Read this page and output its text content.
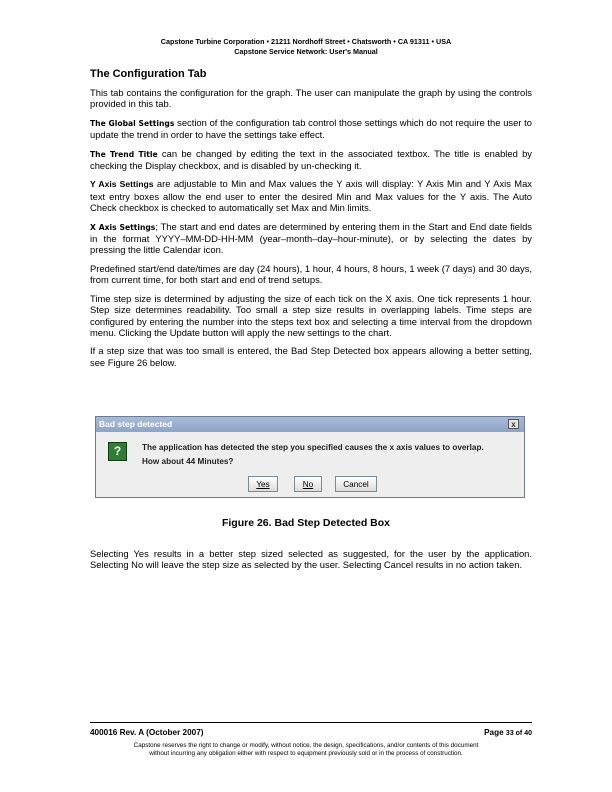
Capstone Turbine Corporation • 21211 Nordhoff Street • Chatsworth • CA 91311 • USA
Capstone Service Network: User's Manual
The Configuration Tab

This tab contains the configuration for the graph. The user can manipulate the graph by using the controls provided in this tab.

The Global Settings section of the configuration tab control those settings which do not require the user to update the trend in order to have the settings take effect.

The Trend Title can be changed by editing the text in the associated textbox. The title is enabled by checking the Display checkbox, and is disabled by un-checking it.

Y Axis Settings are adjustable to Min and Max values the Y axis will display: Y Axis Min and Y Axis Max text entry boxes allow the end user to enter the desired Min and Max values for the Y axis. The Auto Check checkbox is checked to automatically set Max and Min limits.

X Axis Settings; The start and end dates are determined by entering them in the Start and End date fields in the format YYYY–MM-DD-HH-MM (year–month–day–hour-minute), or by selecting the dates by pressing the little Calendar icon.

Predefined start/end date/times are day (24 hours), 1 hour, 4 hours, 8 hours, 1 week (7 days) and 30 days, from current time, for both start and end of trend setups.

Time step size is determined by adjusting the size of each tick on the X axis. One tick represents 1 hour. Step size determines readability. Too small a step size results in overlapping labels. Time steps are configured by entering the number into the steps text box and selecting a time interval from the dropdown menu. Clicking the Update button will apply the new settings to the chart.

If a step size that was too small is entered, the Bad Step Detected box appears allowing a better setting, see Figure 26 below.

Bad step detected	x
?	The application has detected the step you specified causes the x axis values to overlap.
How about 44 Minutes?
Yes	No	Cancel
Figure 26. Bad Step Detected Box

Selecting Yes results in a better step sized selected as suggested, for the user by the application. Selecting No will leave the step size as selected by the user. Selecting Cancel results in no action taken.

400016 Rev. A (October 2007)	Page 33 of 40
Capstone reserves the right to change or modify, without notice, the design, specifications, and/or contents of this document
without incurring any obligation either with respect to equipment previously sold or in the process of construction.
